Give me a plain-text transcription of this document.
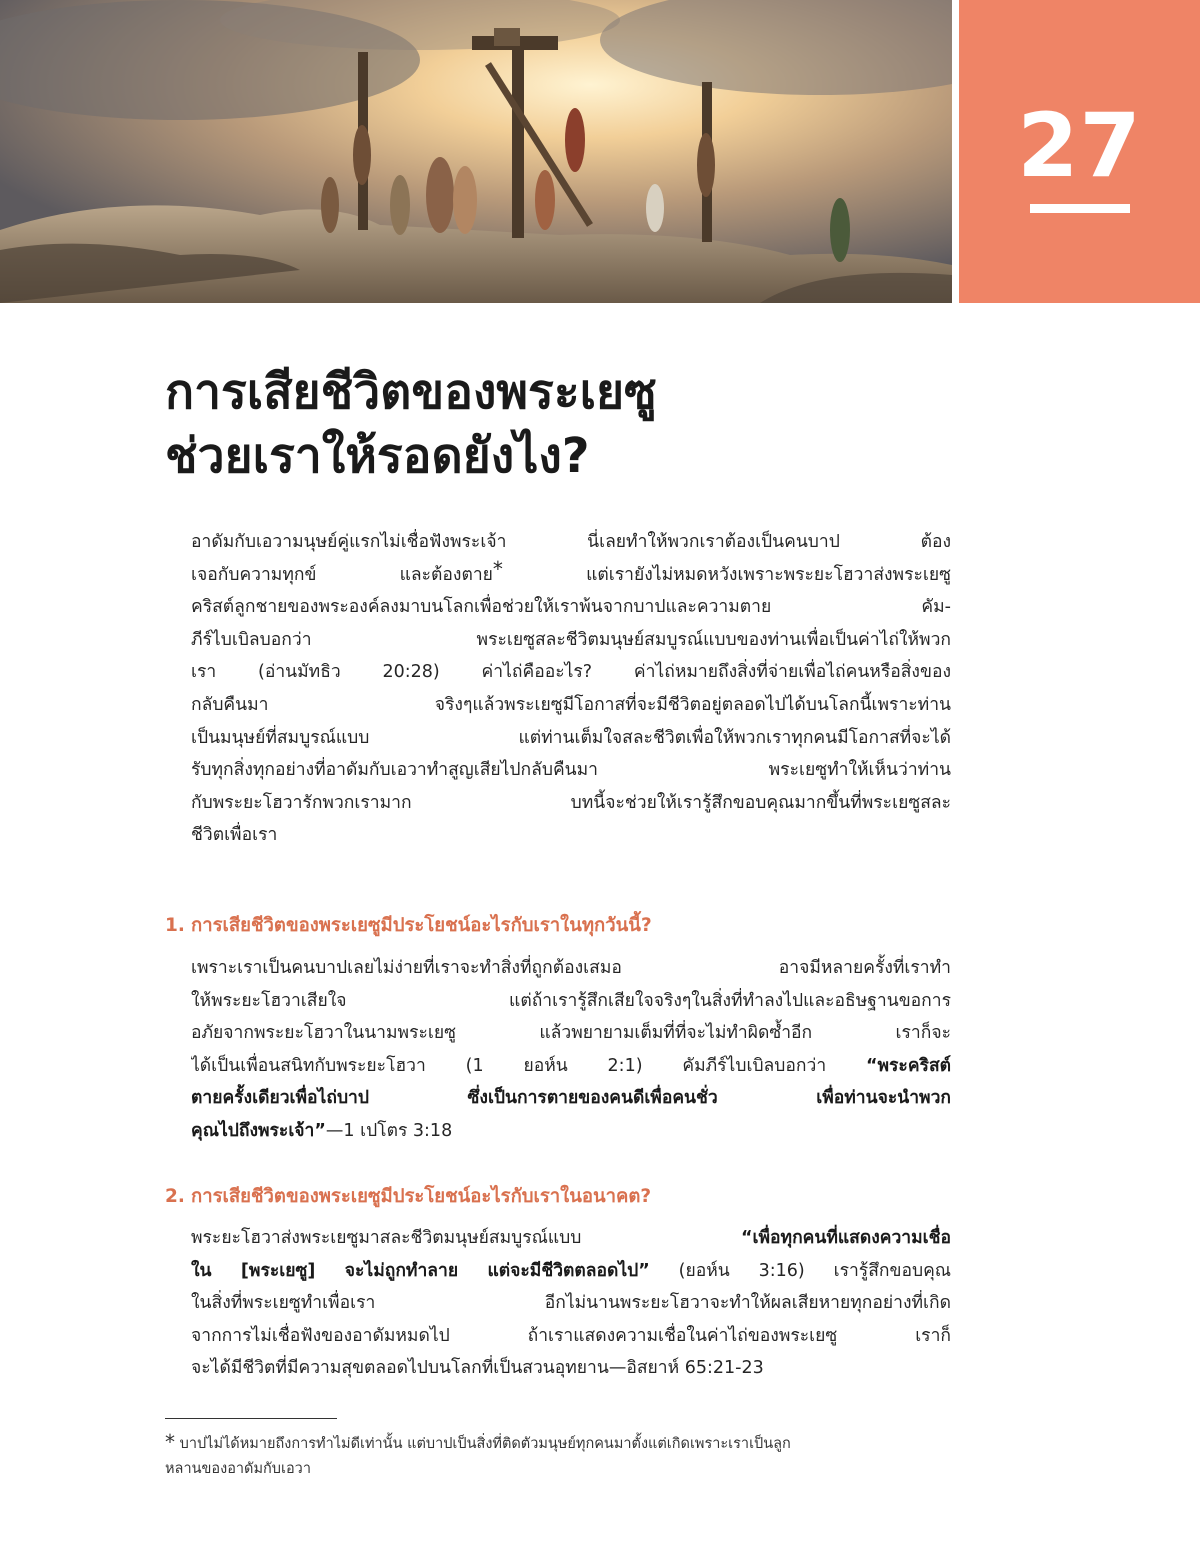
27
การเสียชีวิตของพระเยซู
ช่วยเราให้รอดยังไง?
อาดัมกับเอวามนุษย์คู่แรกไม่เชื่อฟังพระเจ้า นี่เลยทำให้พวกเราต้องเป็นคนบาป ต้อง
เจอกับความทุกข์ และต้องตาย* แต่เรายังไม่หมดหวังเพราะพระยะโฮวาส่งพระเยซู
คริสต์ลูกชายของพระองค์ลงมาบนโลกเพื่อช่วยให้เราพ้นจากบาปและความตาย คัม-
ภีร์ไบเบิลบอกว่า พระเยซูสละชีวิตมนุษย์สมบูรณ์แบบของท่านเพื่อเป็นค่าไถ่ให้พวก
เรา (อ่านมัทธิว 20:28) ค่าไถ่คืออะไร? ค่าไถ่หมายถึงสิ่งที่จ่ายเพื่อไถ่คนหรือสิ่งของ
กลับคืนมา จริงๆแล้วพระเยซูมีโอกาสที่จะมีชีวิตอยู่ตลอดไปได้บนโลกนี้เพราะท่าน
เป็นมนุษย์ที่สมบูรณ์แบบ แต่ท่านเต็มใจสละชีวิตเพื่อให้พวกเราทุกคนมีโอกาสที่จะได้
รับทุกสิ่งทุกอย่างที่อาดัมกับเอวาทำสูญเสียไปกลับคืนมา พระเยซูทำให้เห็นว่าท่าน
กับพระยะโฮวารักพวกเรามาก บทนี้จะช่วยให้เรารู้สึกขอบคุณมากขึ้นที่พระเยซูสละ
ชีวิตเพื่อเรา
1. การเสียชีวิตของพระเยซูมีประโยชน์อะไรกับเราในทุกวันนี้?
เพราะเราเป็นคนบาปเลยไม่ง่ายที่เราจะทำสิ่งที่ถูกต้องเสมอ อาจมีหลายครั้งที่เราทำ
ให้พระยะโฮวาเสียใจ แต่ถ้าเรารู้สึกเสียใจจริงๆในสิ่งที่ทำลงไปและอธิษฐานขอการ
อภัยจากพระยะโฮวาในนามพระเยซู แล้วพยายามเต็มที่ที่จะไม่ทำผิดซ้ำอีก เราก็จะ
ได้เป็นเพื่อนสนิทกับพระยะโฮวา (1 ยอห์น 2:1) คัมภีร์ไบเบิลบอกว่า “พระคริสต์
ตายครั้งเดียวเพื่อไถ่บาป ซึ่งเป็นการตายของคนดีเพื่อคนชั่ว เพื่อท่านจะนำพวก
คุณไปถึงพระเจ้า”—1 เปโตร 3:18
2. การเสียชีวิตของพระเยซูมีประโยชน์อะไรกับเราในอนาคต?
พระยะโฮวาส่งพระเยซูมาสละชีวิตมนุษย์สมบูรณ์แบบ “เพื่อทุกคนที่แสดงความเชื่อ
ใน [พระเยซู] จะไม่ถูกทำลาย แต่จะมีชีวิตตลอดไป” (ยอห์น 3:16) เรารู้สึกขอบคุณ
ในสิ่งที่พระเยซูทำเพื่อเรา อีกไม่นานพระยะโฮวาจะทำให้ผลเสียหายทุกอย่างที่เกิด
จากการไม่เชื่อฟังของอาดัมหมดไป ถ้าเราแสดงความเชื่อในค่าไถ่ของพระเยซู เราก็
จะได้มีชีวิตที่มีความสุขตลอดไปบนโลกที่เป็นสวนอุทยาน—อิสยาห์ 65:21-23
* บาปไม่ได้หมายถึงการทำไม่ดีเท่านั้น แต่บาปเป็นสิ่งที่ติดตัวมนุษย์ทุกคนมาตั้งแต่เกิดเพราะเราเป็นลูก
หลานของอาดัมกับเอวา
